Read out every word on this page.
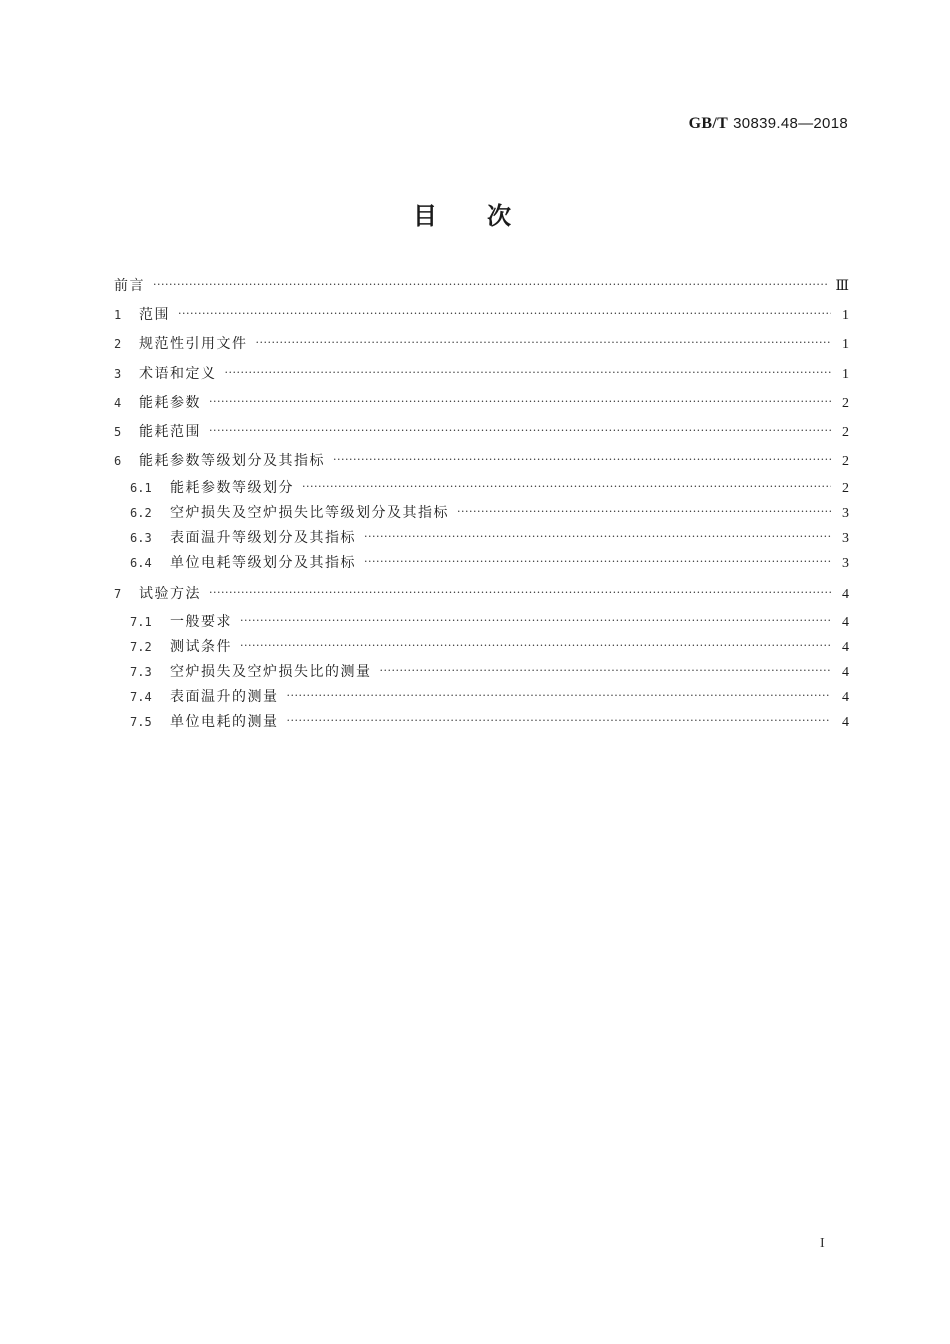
GB/T 30839.48—2018
目次
前言 ·····	Ⅲ
1	范围 ·····	1
2	规范性引用文件 ·····	1
3	术语和定义 ·····	1
4	能耗参数 ·····	2
5	能耗范围 ·····	2
6	能耗参数等级划分及其指标 ·····	2
6.1	能耗参数等级划分 ·····	2
6.2	空炉损失及空炉损失比等级划分及其指标 ·····	3
6.3	表面温升等级划分及其指标 ·····	3
6.4	单位电耗等级划分及其指标 ·····	3
7	试验方法 ·····	4
7.1	一般要求 ·····	4
7.2	测试条件 ·····	4
7.3	空炉损失及空炉损失比的测量 ·····	4
7.4	表面温升的测量 ·····	4
7.5	单位电耗的测量 ·····	4
I
